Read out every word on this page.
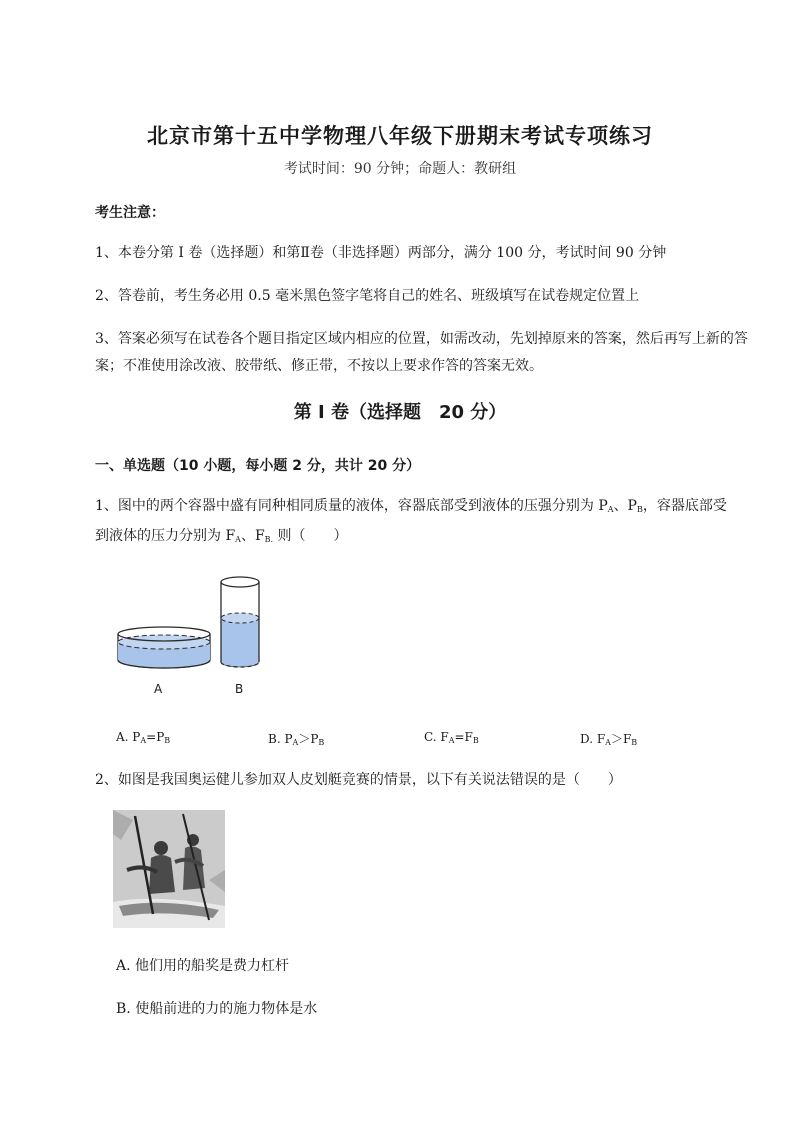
北京市第十五中学物理八年级下册期末考试专项练习
考试时间：90 分钟；命题人：教研组
考生注意：
1、本卷分第 I 卷（选择题）和第Ⅱ卷（非选择题）两部分，满分 100 分，考试时间 90 分钟
2、答卷前，考生务必用 0.5 毫米黑色签字笔将自己的姓名、班级填写在试卷规定位置上
3、答案必须写在试卷各个题目指定区域内相应的位置，如需改动，先划掉原来的答案，然后再写上新的答案；不准使用涂改液、胶带纸、修正带，不按以上要求作答的答案无效。
第 I 卷（选择题　20 分）
一、单选题（10 小题，每小题 2 分，共计 20 分）
1、图中的两个容器中盛有同种相同质量的液体，容器底部受到液体的压强分别为 $P_A$、$P_B$，容器底部受
到液体的压力分别为 $F_A$、$F_{B.}$ 则（　　）
A	B
A. $P_A=P_B$	B. $P_A>P_B$	C. $F_A=F_B$	D. $F_A>F_B$
2、如图是我国奥运健儿参加双人皮划艇竞赛的情景，以下有关说法错误的是（　　）
A. 他们用的船奖是费力杠杆
B. 使船前进的力的施力物体是水
